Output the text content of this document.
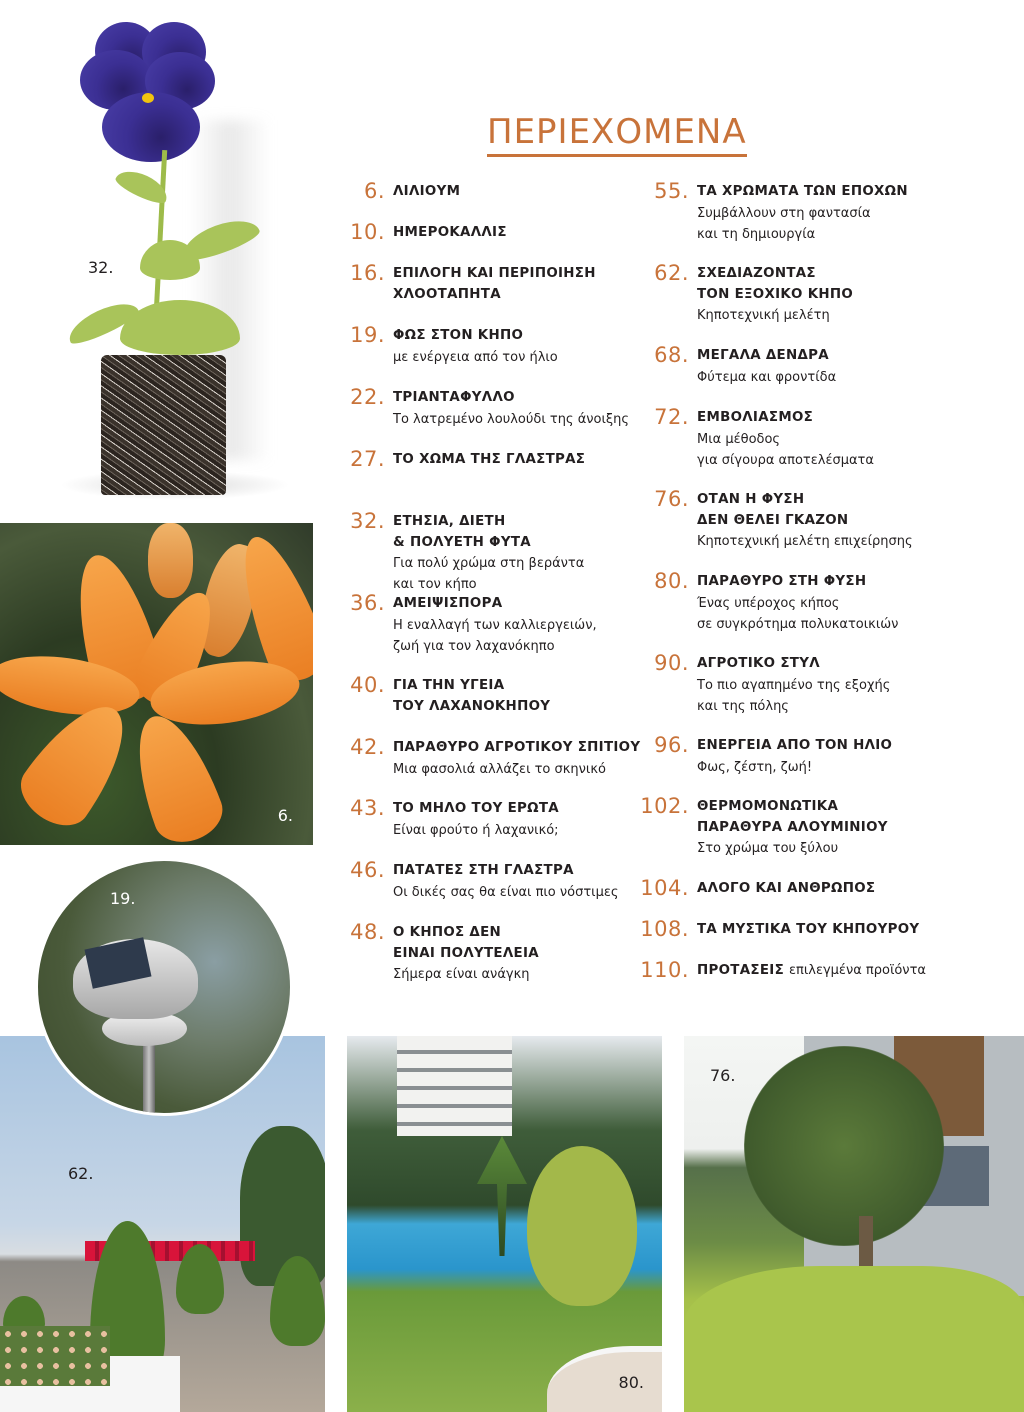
ΠΕΡΙΕΧΟΜΕΝΑ
32.
6.
62.
19.
80.
76.
6. ΛΙΛΙΟΥΜ
10. ΗΜΕΡΟΚΑΛΛΙΣ
16. ΕΠΙΛΟΓΗ ΚΑΙ ΠΕΡΙΠΟΙΗΣΗ
ΧΛΟΟΤΑΠΗΤΑ
19. ΦΩΣ ΣΤΟΝ ΚΗΠΟ
με ενέργεια από τον ήλιο
22. ΤΡΙΑΝΤΑΦΥΛΛΟ
Το λατρεμένο λουλούδι της άνοιξης
27. ΤΟ ΧΩΜΑ ΤΗΣ ΓΛΑΣΤΡΑΣ
32. ΕΤΗΣΙΑ, ΔΙΕΤΗ
& ΠΟΛΥΕΤΗ ΦΥΤΑ
Για πολύ χρώμα στη βεράντα
και τον κήπο
36. ΑΜΕΙΨΙΣΠΟΡΑ
Η εναλλαγή των καλλιεργειών,
ζωή για τον λαχανόκηπο
40. ΓΙΑ ΤΗΝ ΥΓΕΙΑ
ΤΟΥ ΛΑΧΑΝΟΚΗΠΟΥ
42. ΠΑΡΑΘΥΡΟ ΑΓΡΟΤΙΚΟΥ ΣΠΙΤΙΟΥ
Μια φασολιά αλλάζει το σκηνικό
43. ΤΟ ΜΗΛΟ ΤΟΥ ΕΡΩΤΑ
Είναι φρούτο ή λαχανικό;
46. ΠΑΤΑΤΕΣ ΣΤΗ ΓΛΑΣΤΡΑ
Οι δικές σας θα είναι πιο νόστιμες
48. Ο ΚΗΠΟΣ ΔΕΝ
ΕΙΝΑΙ ΠΟΛΥΤΕΛΕΙΑ
Σήμερα είναι ανάγκη
55. ΤΑ ΧΡΩΜΑΤΑ ΤΩΝ ΕΠΟΧΩΝ
Συμβάλλουν στη φαντασία
και τη δημιουργία
62. ΣΧΕΔΙΑΖΟΝΤΑΣ
ΤΟΝ ΕΞΟΧΙΚΟ ΚΗΠΟ
Κηποτεχνική μελέτη
68. ΜΕΓΑΛΑ ΔΕΝΔΡΑ
Φύτεμα και φροντίδα
72. ΕΜΒΟΛΙΑΣΜΟΣ
Μια μέθοδος
για σίγουρα αποτελέσματα
76. ΟΤΑΝ Η ΦΥΣΗ
ΔΕΝ ΘΕΛΕΙ ΓΚΑΖΟΝ
Κηποτεχνική μελέτη επιχείρησης
80. ΠΑΡΑΘΥΡΟ ΣΤΗ ΦΥΣΗ
Ένας υπέροχος κήπος
σε συγκρότημα πολυκατοικιών
90. ΑΓΡΟΤΙΚΟ ΣΤΥΛ
Το πιο αγαπημένο της εξοχής
και της πόλης
96. ΕΝΕΡΓΕΙΑ ΑΠΟ ΤΟΝ ΗΛΙΟ
Φως, ζέστη, ζωή!
102. ΘΕΡΜΟΜΟΝΩΤΙΚΑ
ΠΑΡΑΘΥΡΑ ΑΛΟΥΜΙΝΙΟΥ
Στο χρώμα του ξύλου
104. ΑΛΟΓΟ ΚΑΙ ΑΝΘΡΩΠΟΣ
108. ΤΑ ΜΥΣΤΙΚΑ ΤΟΥ ΚΗΠΟΥΡΟΥ
110. ΠΡΟΤΑΣΕΙΣ επιλεγμένα προϊόντα
